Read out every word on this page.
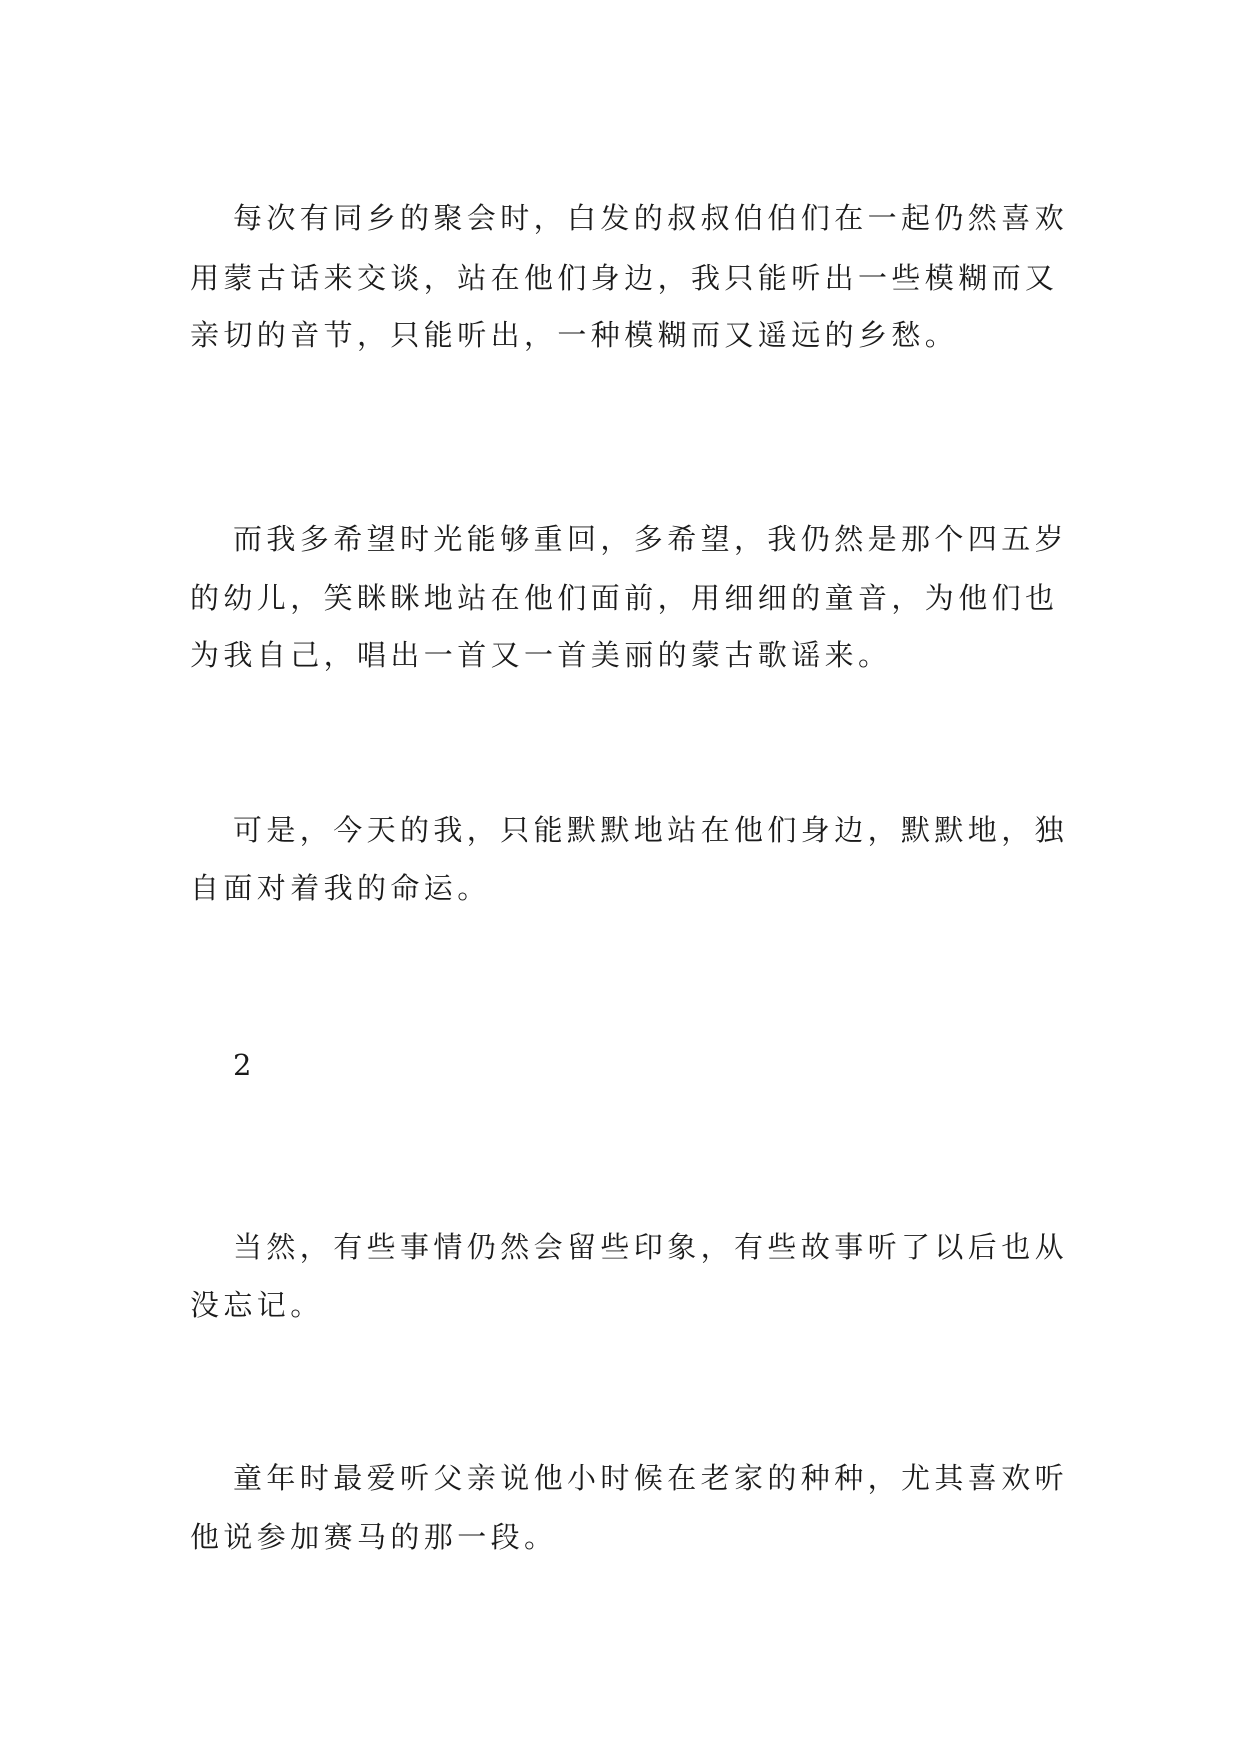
每次有同乡的聚会时，白发的叔叔伯伯们在一起仍然喜欢
用蒙古话来交谈，站在他们身边，我只能听出一些模糊而又
亲切的音节，只能听出，一种模糊而又遥远的乡愁。
而我多希望时光能够重回，多希望，我仍然是那个四五岁
的幼儿，笑眯眯地站在他们面前，用细细的童音，为他们也
为我自己，唱出一首又一首美丽的蒙古歌谣来。
可是，今天的我，只能默默地站在他们身边，默默地，独
自面对着我的命运。
2
当然，有些事情仍然会留些印象，有些故事听了以后也从
没忘记。
童年时最爱听父亲说他小时候在老家的种种，尤其喜欢听
他说参加赛马的那一段。
